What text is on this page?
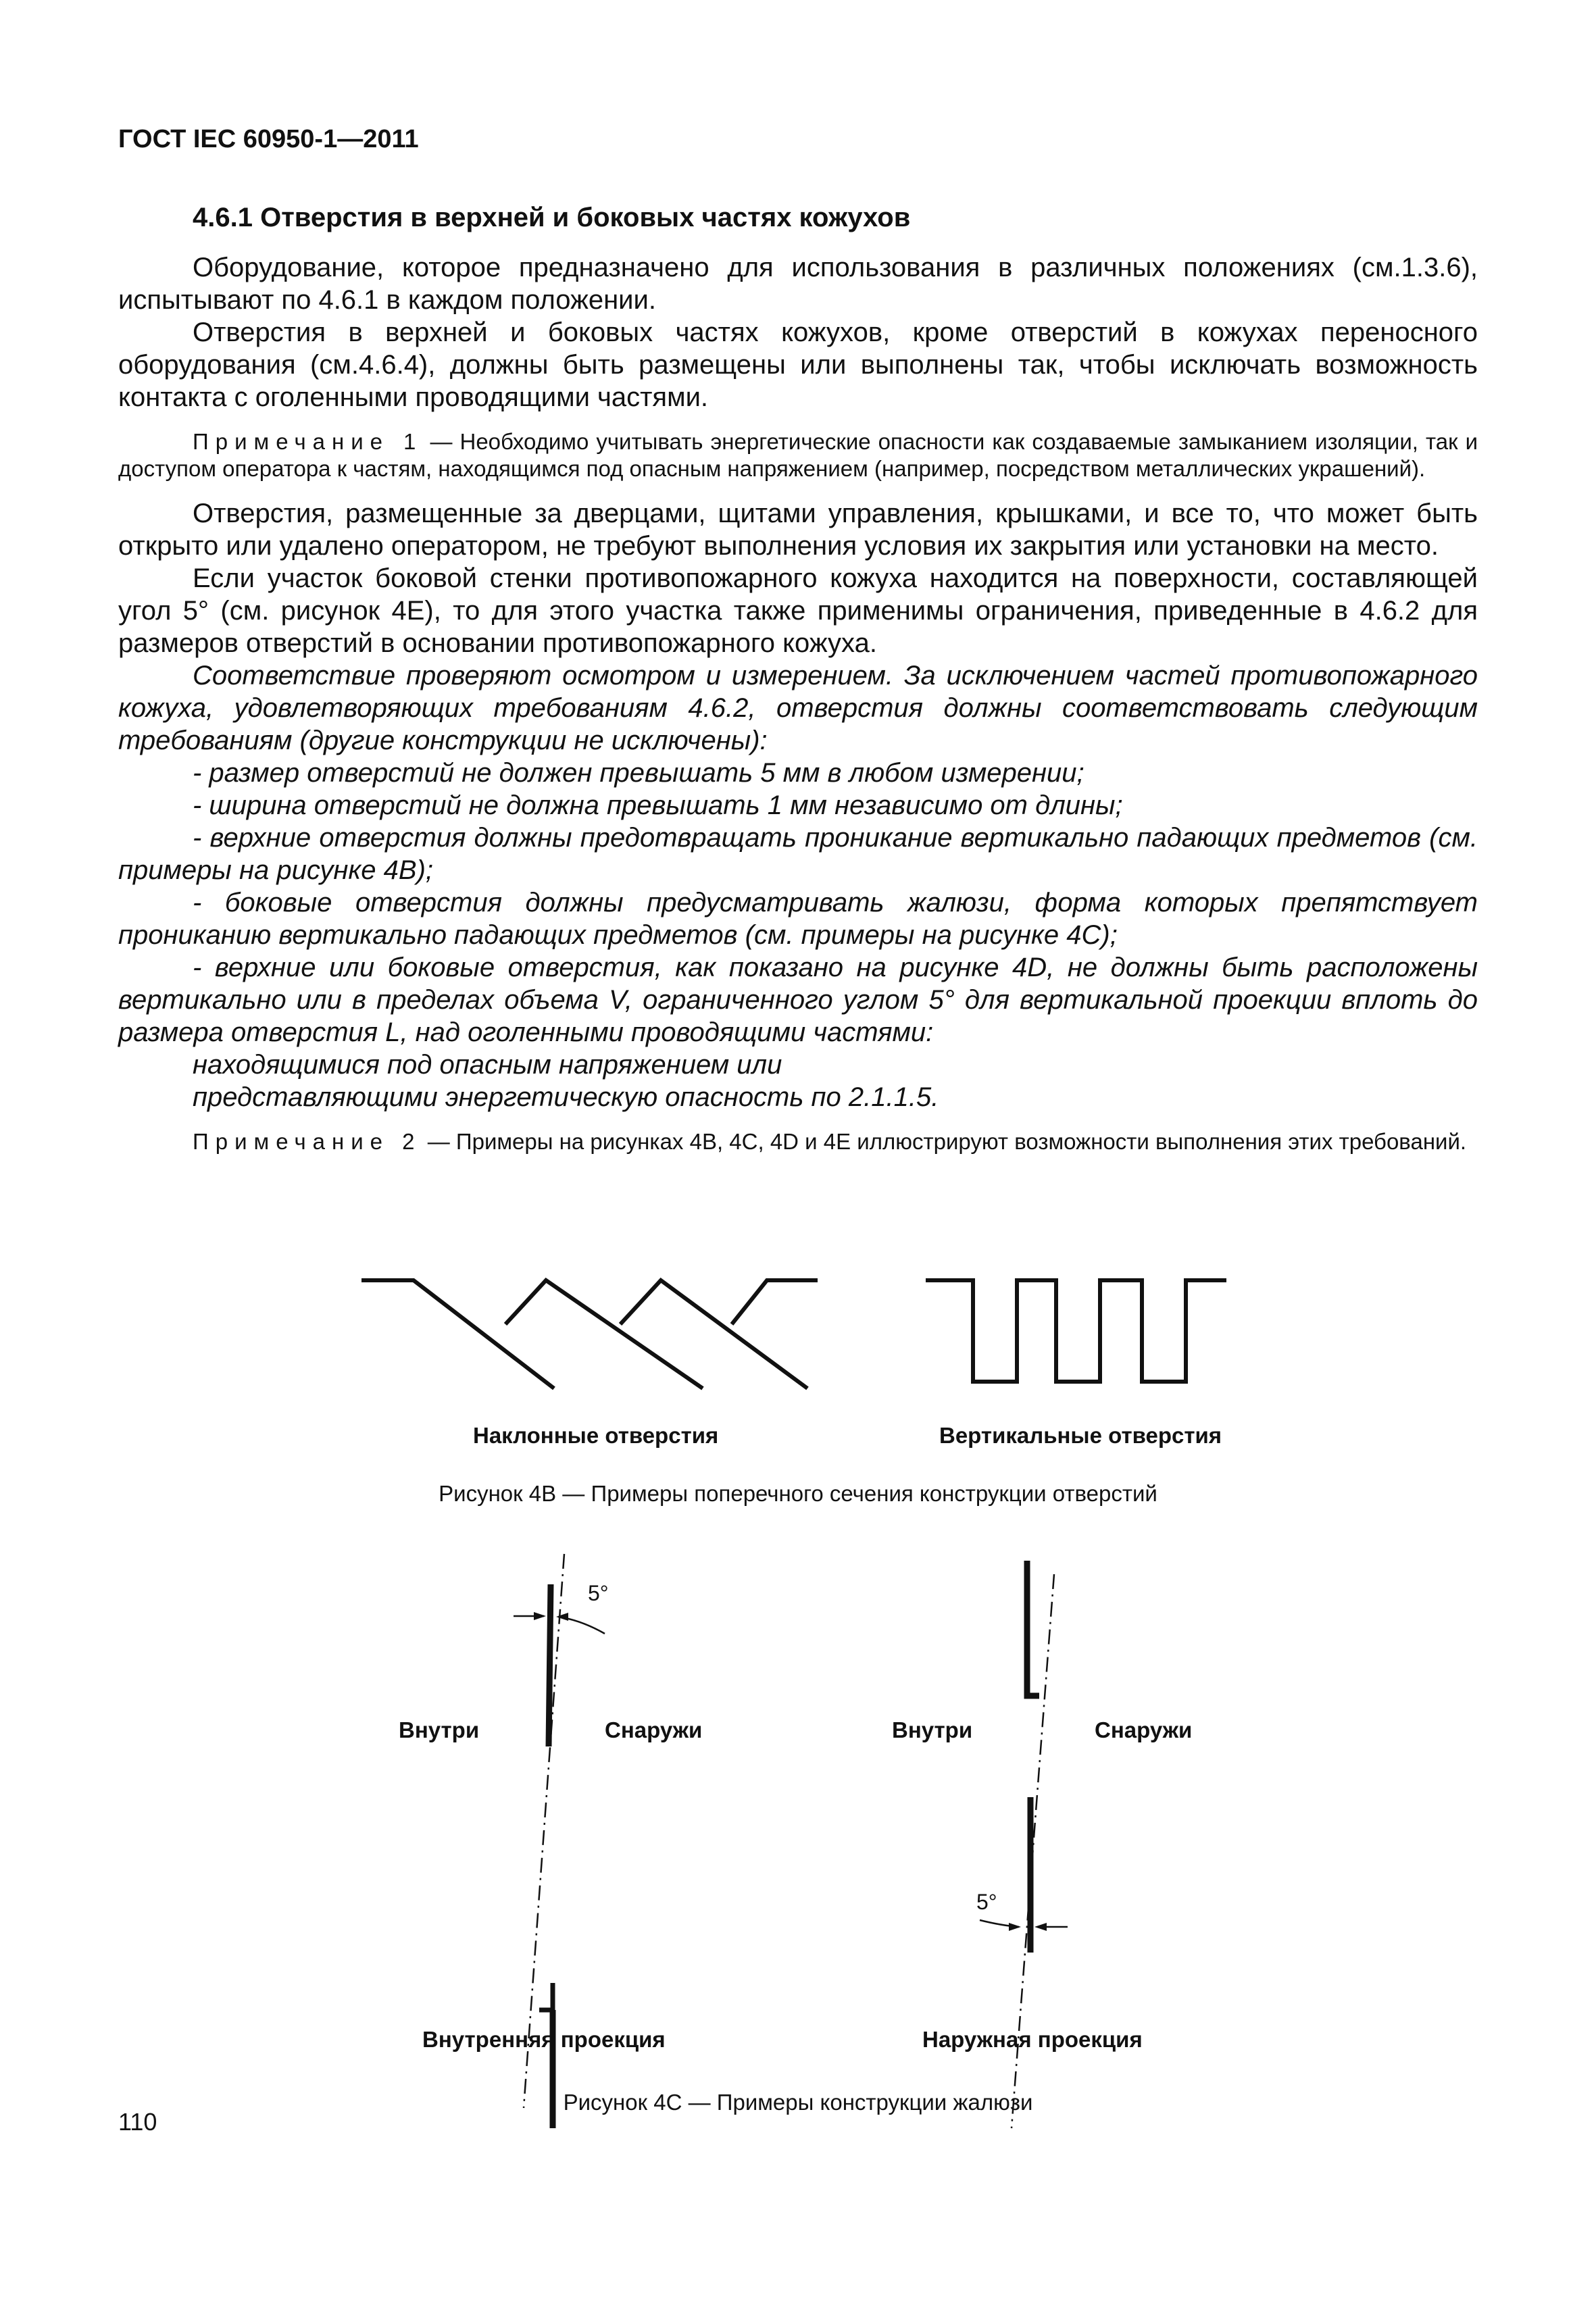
ГОСТ IEC 60950-1—2011
4.6.1 Отверстия в верхней и боковых частях кожухов

Оборудование, которое предназначено для использования в различных положениях (см.1.3.6), испытывают по 4.6.1 в каждом положении.

Отверстия в верхней и боковых частях кожухов, кроме отверстий в кожухах переносного оборудования (см.4.6.4), должны быть размещены или выполнены так, чтобы исключать возможность контакта с оголенными проводящими частями.

Примечание 1 — Необходимо учитывать энергетические опасности как создаваемые замыканием изоляции, так и доступом оператора к частям, находящимся под опасным напряжением (например, посредством металлических украшений).

Отверстия, размещенные за дверцами, щитами управления, крышками, и все то, что может быть открыто или удалено оператором, не требуют выполнения условия их закрытия или установки на место.

Если участок боковой стенки противопожарного кожуха находится на поверхности, составляющей угол 5° (см. рисунок 4E), то для этого участка также применимы ограничения, приведенные в 4.6.2 для размеров отверстий в основании противопожарного кожуха.

Соответствие проверяют осмотром и измерением. За исключением частей противопожарного кожуха, удовлетворяющих требованиям 4.6.2, отверстия должны соответствовать следующим требованиям (другие конструкции не исключены):

- размер отверстий не должен превышать 5 мм в любом измерении;

- ширина отверстий не должна превышать 1 мм независимо от длины;

- верхние отверстия должны предотвращать проникание вертикально падающих предметов (см. примеры на рисунке 4B);

- боковые отверстия должны предусматривать жалюзи, форма которых препятствует прониканию вертикально падающих предметов (см. примеры на рисунке 4C);

- верхние или боковые отверстия, как показано на рисунке 4D, не должны быть расположены вертикально или в пределах объема V, ограниченного углом 5° для вертикальной проекции вплоть до размера отверстия L, над оголенными проводящими частями:

находящимися под опасным напряжением или

представляющими энергетическую опасность по 2.1.1.5.

Примечание 2 — Примеры на рисунках 4B, 4C, 4D и 4E иллюстрируют возможности выполнения этих требований.

Наклонные отверстия	Вертикальные отверстия
Рисунок 4B — Примеры поперечного сечения конструкции отверстий
5°
5°
Внутри	Снаружи	Внутри	Снаружи
Внутренняя проекция	Наружная проекция
Рисунок 4C — Примеры конструкции жалюзи
110
